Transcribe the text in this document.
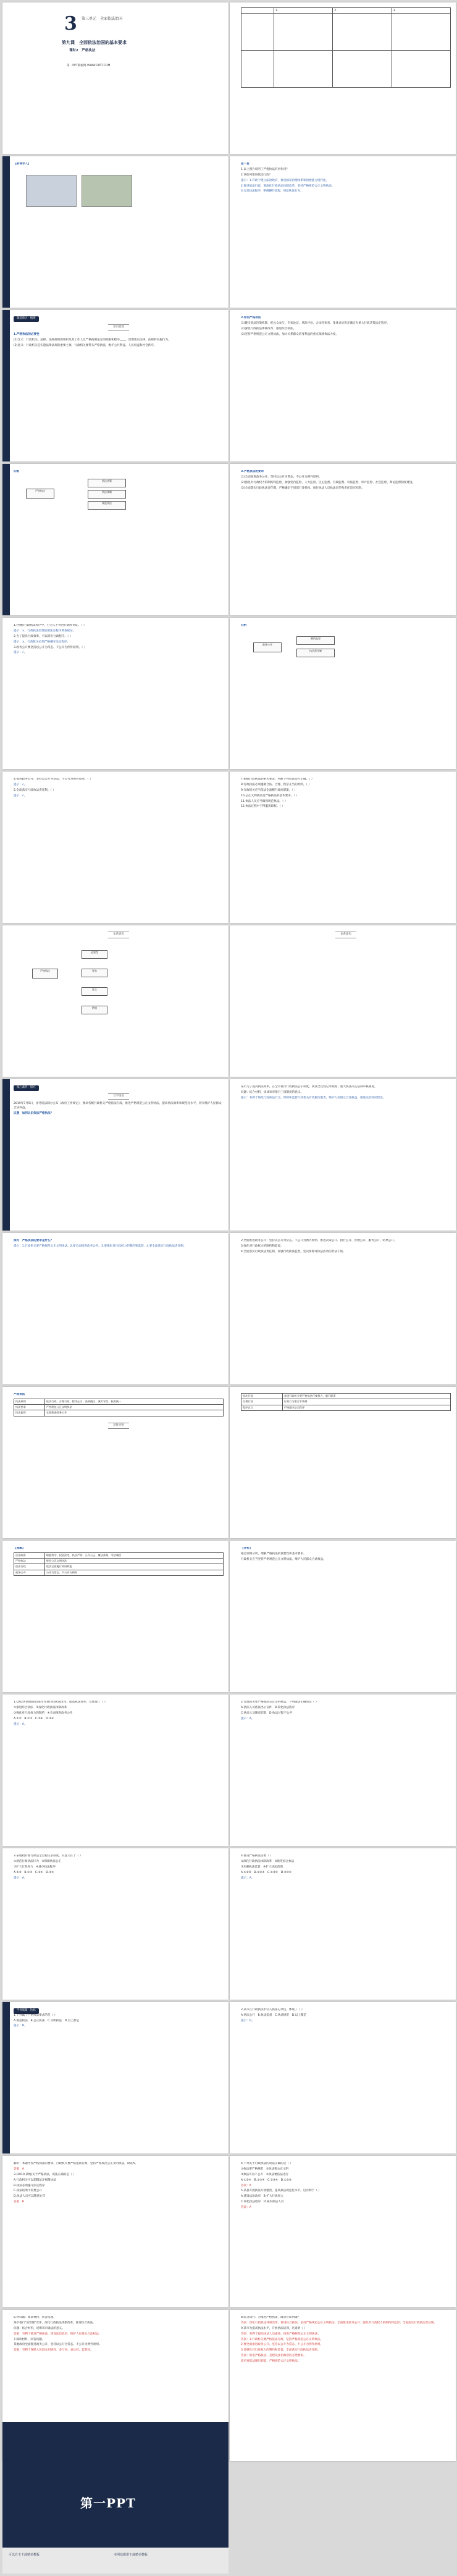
3 第三单元　全面依法治国
第九课　全面依法治国的基本要求
课时2　严格执法
第一PPT模板网-WWW.1PPT.COM
	1.	2.	3.

【新课导入】	思一思

1.以上图片说明了严格执法有何作用？

2.该如何推进依法行政？

提示：1.有助于建立法治政府，推进国家治理体系和治理能力现代化。

2.推进依法行政，要深化行政执法体制改革，坚持严格规范公正文明执法。

3.完善执法程序，明确操作流程，规范执法行为。

课前预习 · 梳理
知识梳理

1.严格执法的必要性

(1)含义：行政机关、法律、法规授权的组织及其工作人员严格按照法定的权限和程序____，贯彻落实法律、法规的实施行为。

(2)意义：行政机关是实施法律法规的重要主体，行政机关要带头严格执法，维护公共利益、人民权益和社会秩序。

2.如何严格执法

(1)健全依法决策机制，把公众参与、专家论证、风险评估、合法性审查、集体讨论决定确定为重大行政决策法定程序。

(2)深化行政执法体制改革，推进综合执法。

(3)坚持严格规范公正文明执法，加大关系群众切身利益的重点领域执法力度。

归纳

严格执法
依法决策
执法体制
规范执法

3.严格执法的要求

(1)全面推进政务公开，坚持以公开为常态、不公开为例外原则。

(2)强化对行政权力的制约和监督，加强党内监督、人大监督、民主监督、行政监督、司法监督、审计监督、社会监督、舆论监督制度建设。

(3)全面落实行政执法责任制，严格确定不同部门及机构、岗位执法人员执法责任和责任追究机制。

1.(判断)行政执法程序中，行为人不得进行调查询证。（ ）

提示：×。行政执法需要依照法定程序调查取证。

2.为了提高行政效率，可以简化行政程序。（ ）

提示：×。行政机关必须严格遵守法定程序。

3.政务公开要坚持以公开为常态、不公开为例外原则。（ ）

提示：√。

归纳

政务公开
制约监督
执法责任制

4.推进政务公开，坚持以公开为常态、不公开为例外原则。（ ）

提示：√。

5.全面落实行政执法责任制。（ ）

提示：√。

7.根据行政执法的相关要求，判断下列说法是否正确。（ ）

8.行政执法必须遵循合法、合理、程序正当的原则。（ ）

9.行政机关应当依法全面履行政府职能。（ ）

10.公正文明执法是严格执法的基本要求。（ ）

11.执法人员应当做到规范执法。（ ）

12.执法过程中不得滥用职权。（ ）

体系建构
严格执法
必要性
要求
意义
措施
体系建构
核心素养 · 探究
议学情境

2019年7月5日，国务院法制办公布《政府工作规定》，要求各级行政机关严格依法行政，推进严格规范公正文明执法，提高执法效率和规范化水平，切实维护人民群众合法权益。

议题　如何认识依法严格执法？

某市为了提高执法效率，在全市推行行政执法公示制度、执法全过程记录制度、重大执法决定法制审核制度。

问题：结合材料，谈谈该市推行三项制度的意义。

提示：有利于规范行政执法行为，保障和监督行政机关有效履行职责，维护人民群众合法权益，推进法治政府建设。

探究　严格执法的要求是什么？

提示：1.行政机关要严格规范公正文明执法。2.要全面推进政务公开。3.要强化对行政权力的制约和监督。4.要全面落实行政执法责任制。

2.全面推进政务公开：坚持以公开为常态、不公开为例外原则，推进决策公开、执行公开、管理公开、服务公开、结果公开。

3.强化对行政权力的制约和监督。

4.全面落实行政执法责任制，加强行政执法监督，坚决排除对执法活动的非法干预。

严格执法

执法原则	依法行政、合理行政、程序正当、高效便民、诚实守信、权责统一
执法要求	严格规范公正文明执法
执法监督	全面推进政务公开
思维导图
依法行政	各级行政机关要严格依法行使权力、履行职责
合理行政	行政行为要合乎情理
程序正当	严格遵守法定程序

【图解】

法治政府	职能科学、权责法定、执法严明、公开公正、廉洁高效、守法诚信
严格执法	规范公正文明执法
依法行政	依法全面履行政府职能
政务公开	公开为常态、不公开为例外

【评析】

通过案例分析，理解严格执法的重要性和基本要求。

行政机关应当坚持严格规范公正文明执法，维护人民群众合法权益。

1.(2020·某地模拟)某市开展行政执法改革，提高执法效率。这体现了（ ）

①推进综合执法　②深化行政执法体制改革

③强化对行政权力的制约　④全面推进政务公开

A.①②　B.①③　C.②④　D.③④

提示：A。

2.行政机关要严格规范公正文明执法，下列做法正确的是（ ）

A.执法人员依法出示证件　B.简化执法程序

C.执法人员随意罚款　D.执法过程不公开

提示：A。

3.某地政府推行执法全过程记录制度，其意义在于（ ）

①规范行政执法行为　②保障执法公正

③扩大行政权力　④减少执法程序

A.①②　B.①③　C.②④　D.③④

提示：A。

4.推进严格执法需要（ ）

①深化行政执法体制改革　②推进综合执法

③加强执法监督　④扩大执法范围

A.①②③　B.①②④　C.①③④　D.②③④

提示：A。

学业质量 · 达标

1.下列属于严格执法要求的是（ ）

A.规范执法　B.公正执法　C.文明执法　D.以上都是

提示：D。

2.某市在行政执法中引入执法记录仪，体现了（ ）

A.执法公开　B.执法监督　C.执法规范　D.以上都是

提示：D。

解析：本题考查严格执法的要求。行政机关要严格依法行政，坚持严格规范公正文明执法，故选A。

答案：A

3.(2019·某地)关于严格执法，说法正确的是（ ）

A.行政机关可以超越法定权限执法

B.执法必须遵守法定程序

C.执法结果不需要公开

D.执法人员可以随意处罚

答案：B

4.下列关于行政执法的说法正确的是（ ）

①执法要严格规范　②执法要公正文明

③执法可以不公开　④执法要依法进行

A.①②④　B.①③④　C.②③④　D.①②③

答案：A

5.某县开展执法专项整治，提高执法规范化水平，这有利于（ ）

A.建设法治政府　B.扩大行政权力

C.简化执法程序　D.减少执法人员

答案：A

6.材料题：阅读材料，回答问题。

某市推行"放管服"改革，深化行政执法体制改革，推进综合执法。

问题：结合材料，说明该市做法的意义。

答案：有利于推进严格执法，建设法治政府，维护人民群众合法权益。

7.阅读材料，回答问题。

某地政府全面推进政务公开，坚持以公开为常态、不公开为例外原则。

答案：有利于保障人民群众知情权、参与权、表达权、监督权。

8.综合探究：为推进严格执法，政府应如何做？

答案：深化行政执法体制改革，推进综合执法；坚持严格规范公正文明执法；全面推进政务公开；强化对行政权力的制约和监督；全面落实行政执法责任制。

9.某市为提高执法水平，开展执法培训，这说明（ ）

答案：有利于提高执法人员素质，推进严格规范公正文明执法。

答案：1.行政机关要严格依法行政，坚持严格规范公正文明执法。

2.要全面推进政务公开，坚持以公开为常态、不公开为例外原则。

3.要强化对行政权力的制约和监督，全面落实行政执法责任制。

答案：推进严格执法，是建设法治政府的必然要求。

政府要依法履行职能，严格规范公正文明执法。

第一PPT
可以自主下载精美模板	本网站提供下载精美模板
